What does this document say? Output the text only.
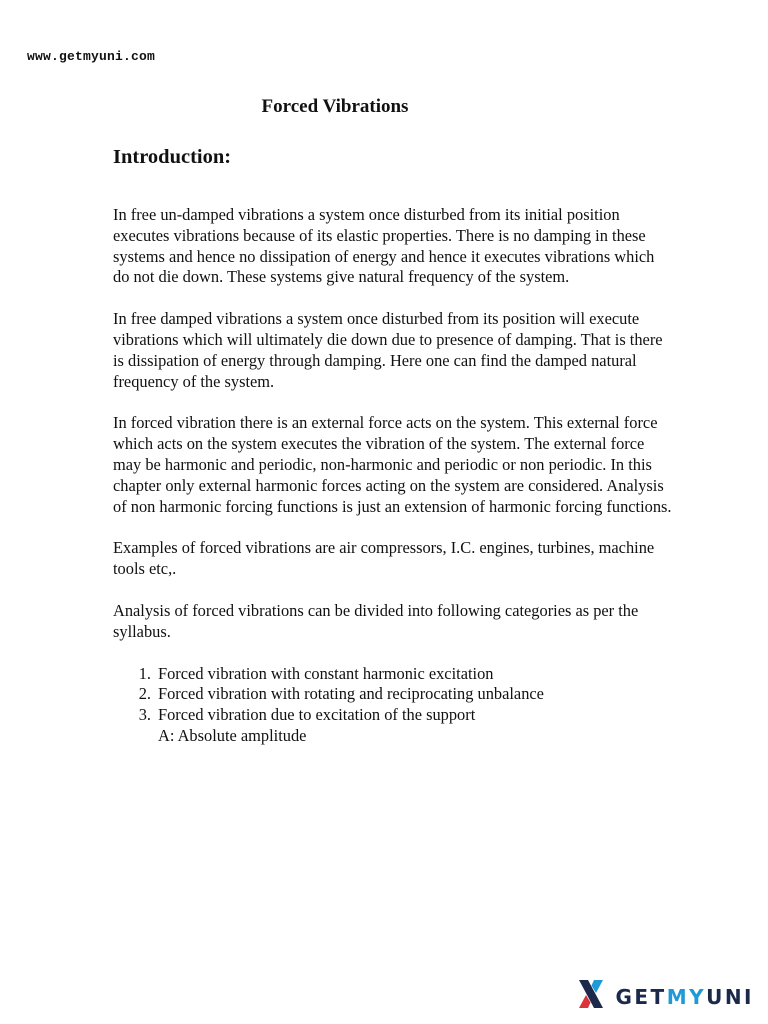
www.getmyuni.com
Forced Vibrations
Introduction:

In free un-damped vibrations a system once disturbed from its initial position executes vibrations because of its elastic properties. There is no damping in these systems and hence no dissipation of energy and hence it executes vibrations which do not die down. These systems give natural frequency of the system.

In free damped vibrations a system once disturbed from its position will execute vibrations which will ultimately die down due to presence of damping. That is there is dissipation of energy through damping. Here one can find the damped natural frequency of the system.

In forced vibration there is an external force acts on the system. This external force which acts on the system executes the vibration of the system. The external force may be harmonic and periodic, non-harmonic and periodic or non periodic. In this chapter only external harmonic forces acting on the system are considered. Analysis of non harmonic forcing functions is just an extension of harmonic forcing functions.

Examples of forced vibrations are air compressors, I.C. engines, turbines, machine tools etc,.

Analysis of forced vibrations can be divided into following categories as per the syllabus.

1. Forced vibration with constant harmonic excitation
2. Forced vibration with rotating and reciprocating unbalance
3. Forced vibration due to excitation of the support
A: Absolute amplitude
GETMYUNI
